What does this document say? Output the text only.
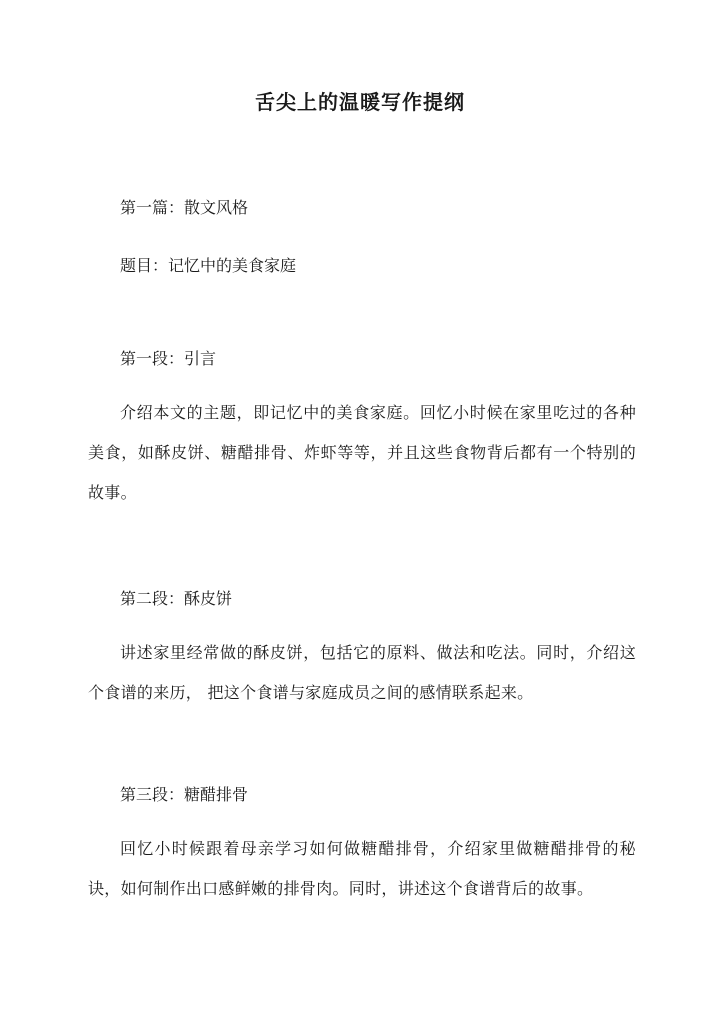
舌尖上的温暖写作提纲
第一篇：散文风格
题目：记忆中的美食家庭
第一段：引言
介绍本文的主题，即记忆中的美食家庭。回忆小时候在家里吃过的各种美食，如酥皮饼、糖醋排骨、炸虾等等，并且这些食物背后都有一个特别的故事。
第二段：酥皮饼
讲述家里经常做的酥皮饼，包括它的原料、做法和吃法。同时，介绍这个食谱的来历， 把这个食谱与家庭成员之间的感情联系起来。
第三段：糖醋排骨
回忆小时候跟着母亲学习如何做糖醋排骨，介绍家里做糖醋排骨的秘诀，如何制作出口感鲜嫩的排骨肉。同时，讲述这个食谱背后的故事。
